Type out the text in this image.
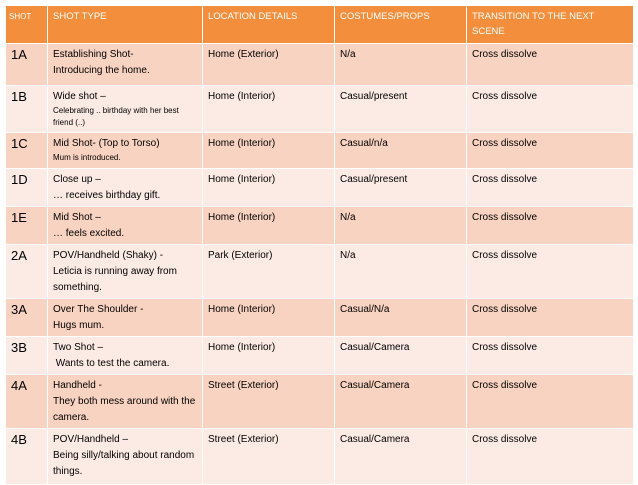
SHOT	SHOT TYPE	LOCATION DETAILS	COSTUMES/PROPS	TRANSITION TO THE NEXT SCENE
1A	Establishing Shot-
Introducing the home.	Home (Exterior)	N/a	Cross dissolve
1B	Wide shot –
Celebrating .. birthday with her best friend (..)	Home (Interior)	Casual/present	Cross dissolve
1C	Mid Shot- (Top to Torso)
Mum is introduced.	Home (Interior)	Casual/n/a	Cross dissolve
1D	Close up –
… receives birthday gift.	Home (Interior)	Casual/present	Cross dissolve
1E	Mid Shot –
… feels excited.	Home (Interior)	N/a	Cross dissolve
2A	POV/Handheld (Shaky) -
Leticia is running away from something.	Park (Exterior)	N/a	Cross dissolve
3A	Over The Shoulder -
Hugs mum.	Home (Interior)	Casual/N/a	Cross dissolve
3B	Two Shot –
Wants to test the camera.	Home (Interior)	Casual/Camera	Cross dissolve
4A	Handheld -
They both mess around with the camera.	Street (Exterior)	Casual/Camera	Cross dissolve
4B	POV/Handheld –
Being silly/talking about random things.	Street (Exterior)	Casual/Camera	Cross dissolve
